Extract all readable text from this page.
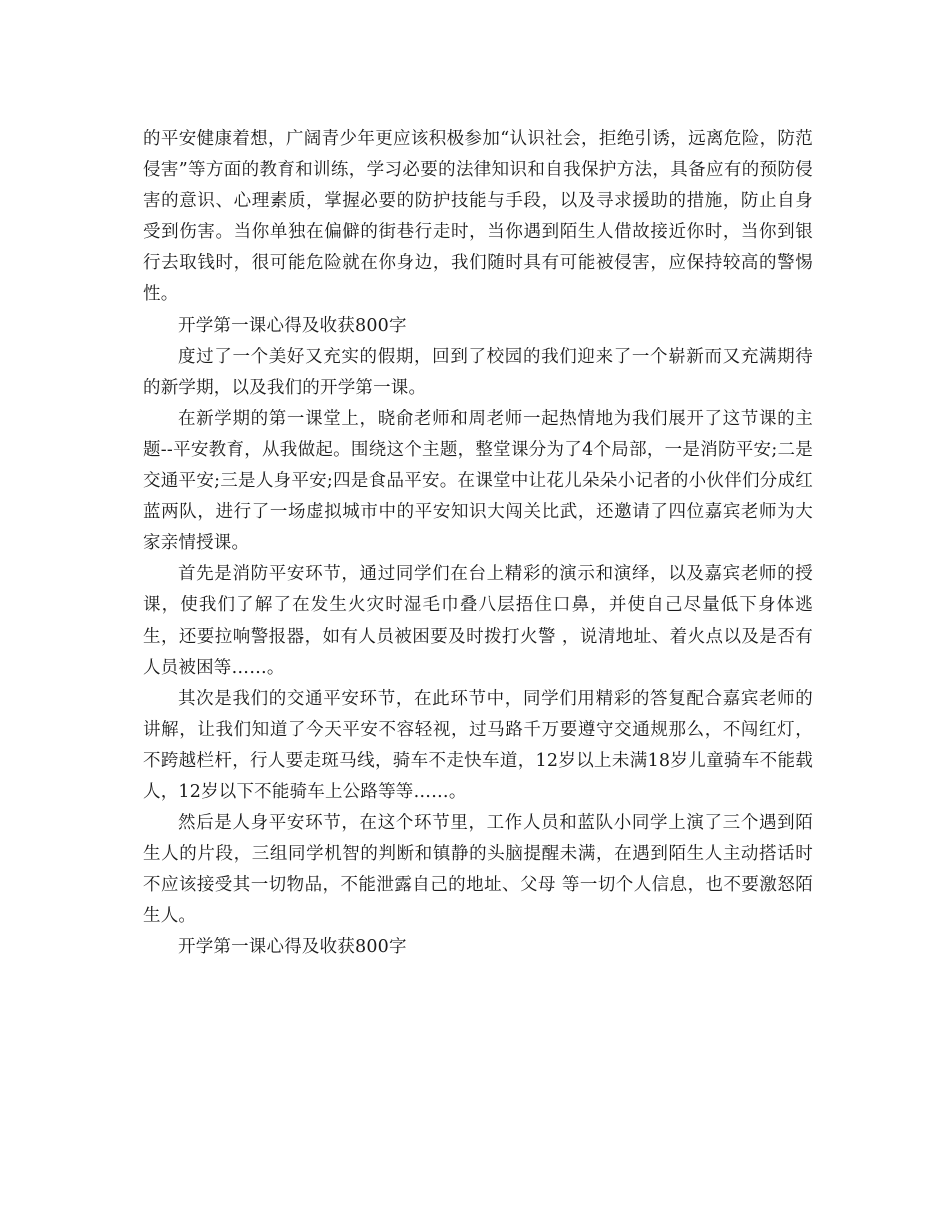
的平安健康着想，广阔青少年更应该积极参加“认识社会，拒绝引诱，远离危险，防范侵害”等方面的教育和训练，学习必要的法律知识和自我保护方法，具备应有的预防侵害的意识、心理素质，掌握必要的防护技能与手段，以及寻求援助的措施，防止自身受到伤害。当你单独在偏僻的街巷行走时，当你遇到陌生人借故接近你时，当你到银行去取钱时，很可能危险就在你身边，我们随时具有可能被侵害，应保持较高的警惕性。

开学第一课心得及收获800字

度过了一个美好又充实的假期，回到了校园的我们迎来了一个崭新而又充满期待的新学期，以及我们的开学第一课。

在新学期的第一课堂上，晓俞老师和周老师一起热情地为我们展开了这节课的主题--平安教育，从我做起。围绕这个主题，整堂课分为了4个局部，一是消防平安;二是交通平安;三是人身平安;四是食品平安。在课堂中让花儿朵朵小记者的小伙伴们分成红蓝两队，进行了一场虚拟城市中的平安知识大闯关比武，还邀请了四位嘉宾老师为大家亲情授课。

首先是消防平安环节，通过同学们在台上精彩的演示和演绎，以及嘉宾老师的授课，使我们了解了在发生火灾时湿毛巾叠八层捂住口鼻，并使自己尽量低下身体逃生，还要拉响警报器，如有人员被困要及时拨打火警 ，说清地址、着火点以及是否有人员被困等……。

其次是我们的交通平安环节，在此环节中，同学们用精彩的答复配合嘉宾老师的讲解，让我们知道了今天平安不容轻视，过马路千万要遵守交通规那么，不闯红灯，不跨越栏杆，行人要走斑马线，骑车不走快车道，12岁以上未满18岁儿童骑车不能载人，12岁以下不能骑车上公路等等……。

然后是人身平安环节，在这个环节里，工作人员和蓝队小同学上演了三个遇到陌生人的片段，三组同学机智的判断和镇静的头脑提醒未满，在遇到陌生人主动搭话时不应该接受其一切物品，不能泄露自己的地址、父母 等一切个人信息，也不要激怒陌生人。

开学第一课心得及收获800字
